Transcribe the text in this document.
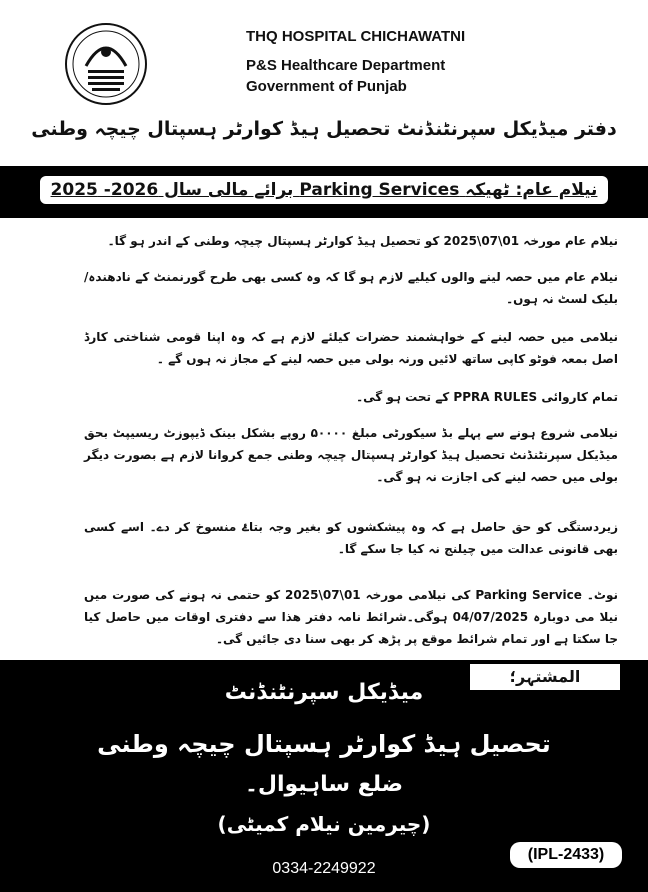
THQ HOSPITAL CHICHAWATNI
P&S Healthcare Department
Government of Punjab
دفتر میڈیکل سپرنٹنڈنٹ تحصیل ہیڈ کوارٹر ہسپتال چیچہ وطنی
نیلام عام: ٹھیکہ Parking Services برائے مالی سال 2026- 2025
نیلام عام مورخہ 01\07\2025 کو تحصیل ہیڈ کوارٹر ہسپتال چیچہ وطنی کے اندر ہو گا۔
نیلام عام میں حصہ لینے والوں کیلیے لازم ہو گا کہ وہ کسی بھی طرح گورنمنٹ کے نادھندہ/ بلیک لسٹ نہ ہوں۔
نیلامی میں حصہ لینے کے خواہشمند حضرات کیلئے لازم ہے کہ وہ اپنا قومی شناختی کارڈ اصل بمعہ فوٹو کاپی ساتھ لائیں ورنہ بولی میں حصہ لینے کے مجاز نہ ہوں گے ۔
تمام کاروائی PPRA RULES کے تحت ہو گی۔
نیلامی شروع ہونے سے پہلے بڈ سیکورٹی مبلغ ۵۰۰۰۰ روپے بشکل بینک ڈیپوزٹ ریسیپٹ بحق میڈیکل سپرنٹنڈنٹ تحصیل ہیڈ کوارٹر ہسپتال چیچہ وطنی جمع کروانا لازم ہے بصورت دیگر بولی میں حصہ لینے کی اجازت نہ ہو گی۔
زیردستگی کو حق حاصل ہے کہ وہ پیشکشوں کو بغیر وجہ بتاۓ منسوخ کر دے۔ اسے کسی بھی قانونی عدالت میں چیلنج نہ کیا جا سکے گا۔
نوٹ۔ Parking Service کی نیلامی مورخہ 01\07\2025 کو حتمی نہ ہونے کی صورت میں نیلا می دوبارہ 04/07/2025 ہوگی۔شرائط نامہ دفتر ھذا سے دفتری اوقات میں حاصل کیا جا سکتا ہے اور تمام شرائط موقع پر پڑھ کر بھی سنا دی جائیں گی۔
المشتہر؛
میڈیکل سپرنٹنڈنٹ
تحصیل ہیڈ کوارٹر ہسپتال چیچہ وطنی
ضلع ساہیوال۔
(چیرمین نیلام کمیٹی)
0334-2249922
(IPL-2433)
